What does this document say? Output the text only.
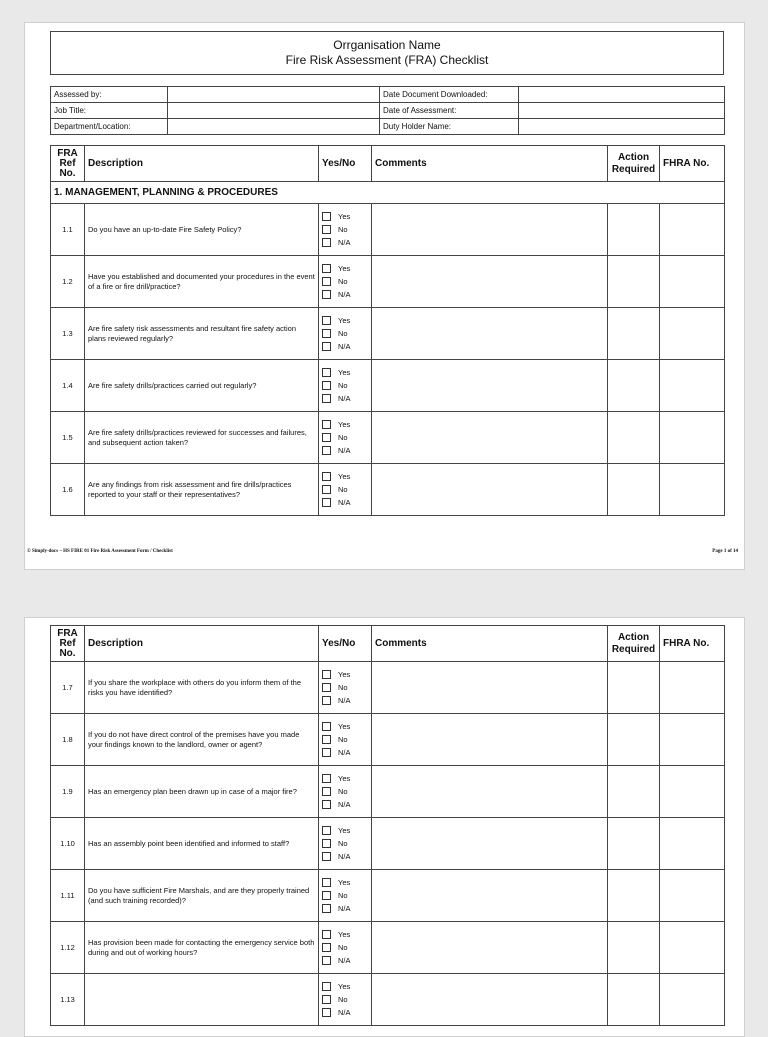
Orrganisation Name
Fire Risk Assessment (FRA) Checklist
Assessed by:		Date Document Downloaded:	
Job Title:		Date of Assessment:	
Department/Location:		Duty Holder Name:	
FRA
Ref
No.	Description	Yes/No	Comments	Action
Required	FHRA No.
1. MANAGEMENT, PLANNING & PROCEDURES					
1.1	Do you have an up-to-date Fire Safety Policy?	Yes
No
N/A			

1.2	Have you established and documented your procedures in the event of a fire or fire drill/practice?	Yes
No
N/A			

1.3	Are fire safety risk assessments and resultant fire safety action plans reviewed regularly?	Yes
No
N/A			

1.4	Are fire safety drills/practices carried out regularly?	Yes
No
N/A			

1.5	Are fire safety drills/practices reviewed for successes and failures, and subsequent action taken?	Yes
No
N/A			

1.6	Are any findings from risk assessment and fire drills/practices reported to your staff or their representatives?	Yes
No
N/A			

© Simply-docs – HS FIRE 01 Fire Risk Assessment Form / Checklist	Page 1 of 14
FRA
Ref
No.	Description	Yes/No	Comments	Action
Required	FHRA No.
1.7	If you share the workplace with others do you inform them of the risks you have identified?	Yes
No
N/A			

1.8	If you do not have direct control of the premises have you made your findings known to the landlord, owner or agent?	Yes
No
N/A			

1.9	Has an emergency plan been drawn up in case of a major fire?	Yes
No
N/A			

1.10	Has an assembly point been identified and informed to staff?	Yes
No
N/A			

1.11	Do you have sufficient Fire Marshals, and are they properly trained (and such training recorded)?	Yes
No
N/A			

1.12	Has provision been made for contacting the emergency service both during and out of working hours?	Yes
No
N/A			

1.13		Yes
No
N/A			
